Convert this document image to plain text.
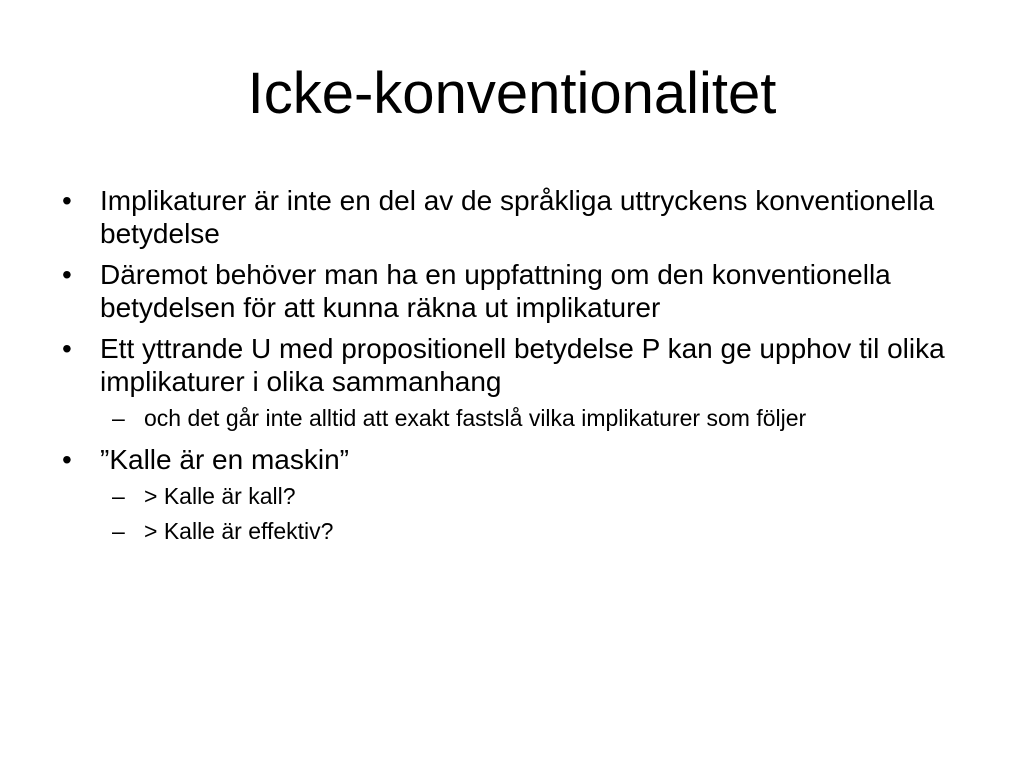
Icke-konventionalitet
•	Implikaturer är inte en del av de språkliga uttryckens konventionella betydelse
•	Däremot behöver man ha en uppfattning om den konventionella betydelsen för att kunna räkna ut implikaturer
•	Ett yttrande U med propositionell betydelse P kan ge upphov til olika implikaturer i olika sammanhang
– och det går inte alltid att exakt fastslå vilka implikaturer som följer
•	”Kalle är en maskin”
– > Kalle är kall?
– > Kalle är effektiv?
